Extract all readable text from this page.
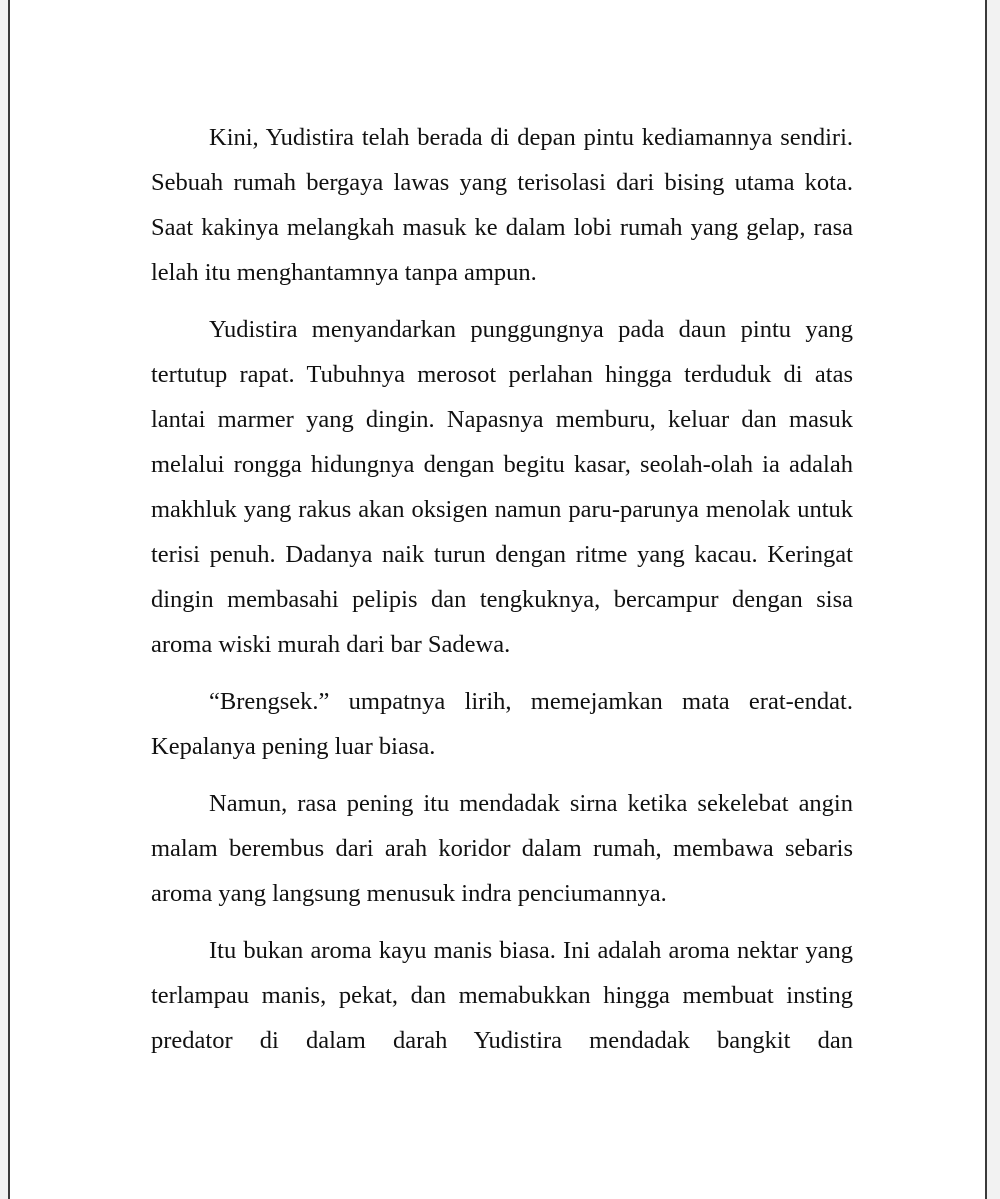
Kini, Yudistira telah berada di depan pintu kediamannya sendiri. Sebuah rumah bergaya lawas yang terisolasi dari bising utama kota. Saat kakinya melangkah masuk ke dalam lobi rumah yang gelap, rasa lelah itu menghantamnya tanpa ampun.

Yudistira menyandarkan punggungnya pada daun pintu yang tertutup rapat. Tubuhnya merosot perlahan hingga terduduk di atas lantai marmer yang dingin. Napasnya memburu, keluar dan masuk melalui rongga hidungnya dengan begitu kasar, seolah-olah ia adalah makhluk yang rakus akan oksigen namun paru-parunya menolak untuk terisi penuh. Dadanya naik turun dengan ritme yang kacau. Keringat dingin membasahi pelipis dan tengkuknya, bercampur dengan sisa aroma wiski murah dari bar Sadewa.

“Brengsek.” umpatnya lirih, memejamkan mata erat-endat. Kepalanya pening luar biasa.

Namun, rasa pening itu mendadak sirna ketika sekelebat angin malam berembus dari arah koridor dalam rumah, membawa sebaris aroma yang langsung menusuk indra penciumannya.

Itu bukan aroma kayu manis biasa. Ini adalah aroma nektar yang terlampau manis, pekat, dan memabukkan hingga membuat insting predator di dalam darah Yudistira mendadak bangkit dan
